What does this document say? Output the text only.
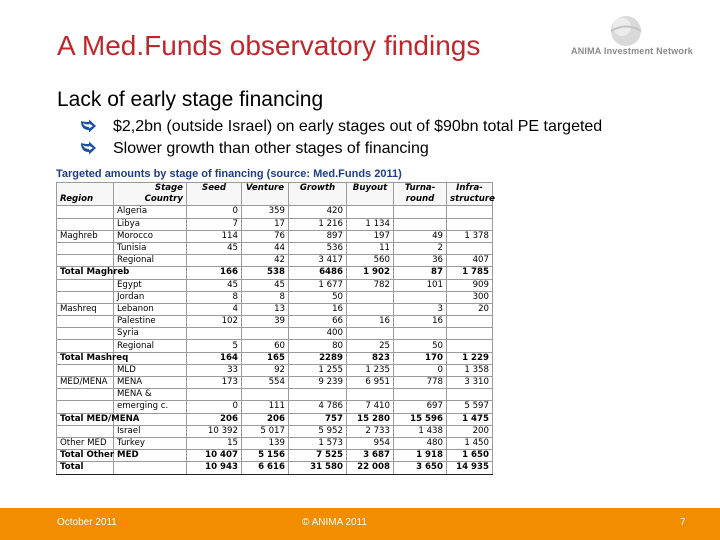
A Med.Funds observatory findings	ANIMA Investment Network
Lack of early stage financing
$2,2bn (outside Israel) on early stages out of $90bn total PE targeted
Slower growth than other stages of financing
Targeted amounts by stage of financing (source: Med.Funds 2011)
	Stage	Seed	Venture	Growth	Buyout	Turna-	Infra-
Region	Country					round	structure
	Algeria	0	359	420			
	Libya	7	17	1 216	1 134		
Maghreb	Morocco	114	76	897	197	49	1 378
	Tunisia	45	44	536	11	2	
	Regional		42	3 417	560	36	407
Total Maghreb		166	538	6486	1 902	87	1 785
	Egypt	45	45	1 677	782	101	909
	Jordan	8	8	50			300
Mashreq	Lebanon	4	13	16		3	20
	Palestine	102	39	66	16	16	
	Syria			400			
	Regional	5	60	80	25	50	
Total Mashreq		164	165	2289	823	170	1 229
	MLD	33	92	1 255	1 235	0	1 358
MED/MENA	MENA	173	554	9 239	6 951	778	3 310
	MENA &						
	emerging c.	0	111	4 786	7 410	697	5 597
Total MED/MENA		206	206	757	15 280	15 596	1 475
	Israel	10 392	5 017	5 952	2 733	1 438	200
Other MED	Turkey	15	139	1 573	954	480	1 450
Total Other MED		10 407	5 156	7 525	3 687	1 918	1 650
Total		10 943	6 616	31 580	22 008	3 650	14 935
October 2011	© ANIMA 2011	7
